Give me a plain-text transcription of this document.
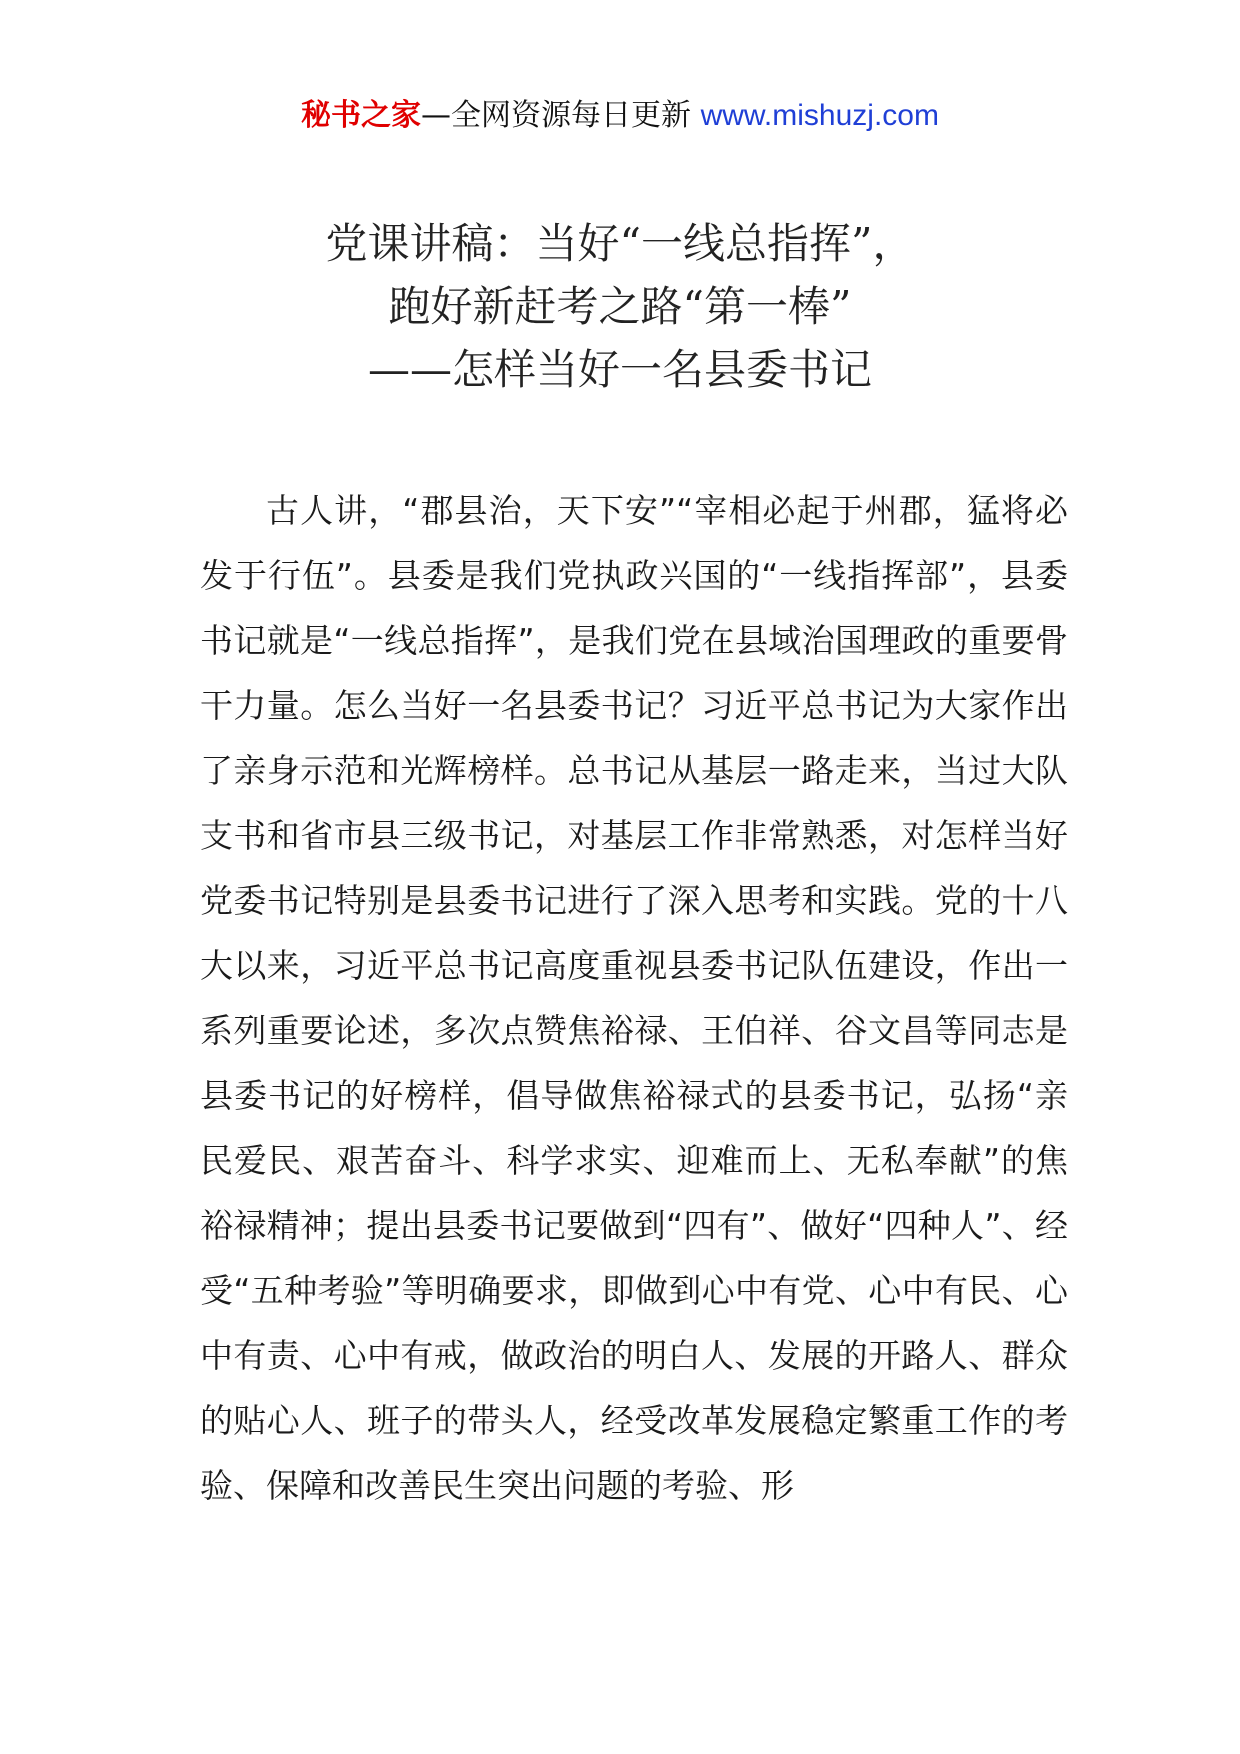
秘书之家—全网资源每日更新 www.mishuzj.com
党课讲稿：当好“一线总指挥”，
跑好新赶考之路“第一棒”
——怎样当好一名县委书记

古人讲，“郡县治，天下安”“宰相必起于州郡，猛将必发于行伍”。县委是我们党执政兴国的“一线指挥部”，县委书记就是“一线总指挥”，是我们党在县域治国理政的重要骨干力量。怎么当好一名县委书记？习近平总书记为大家作出了亲身示范和光辉榜样。总书记从基层一路走来，当过大队支书和省市县三级书记，对基层工作非常熟悉，对怎样当好党委书记特别是县委书记进行了深入思考和实践。党的十八大以来，习近平总书记高度重视县委书记队伍建设，作出一系列重要论述，多次点赞焦裕禄、王伯祥、谷文昌等同志是县委书记的好榜样，倡导做焦裕禄式的县委书记，弘扬“亲民爱民、艰苦奋斗、科学求实、迎难而上、无私奉献”的焦裕禄精神；提出县委书记要做到“四有”、做好“四种人”、经受“五种考验”等明确要求，即做到心中有党、心中有民、心中有责、心中有戒，做政治的明白人、发展的开路人、群众的贴心人、班子的带头人，经受改革发展稳定繁重工作的考验、保障和改善民生突出问题的考验、形
